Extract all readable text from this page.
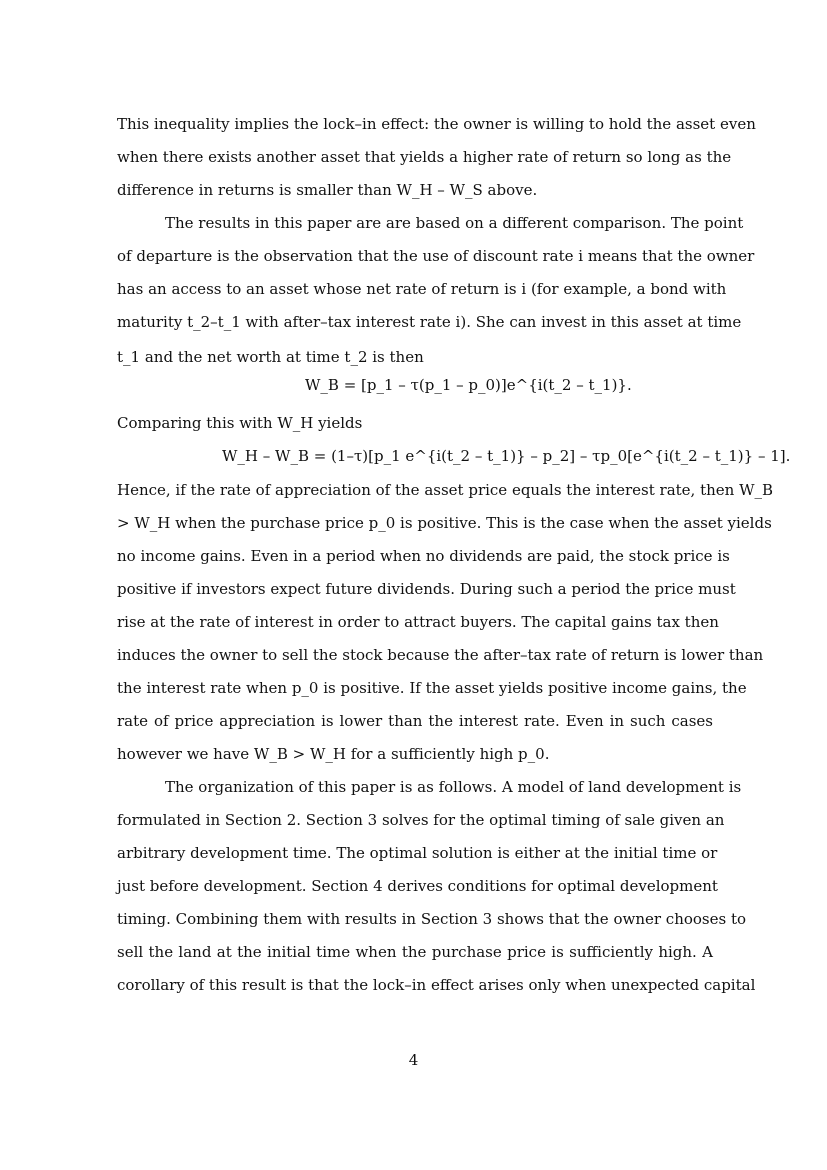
This inequality implies the lock–in effect: the owner is willing to hold the asset even
when there exists another asset that yields a higher rate of return so long as the
difference in returns is smaller than W_H – W_S above.
The results in this paper are are based on a different comparison. The point
of departure is the observation that the use of discount rate i means that the owner
has an access to an asset whose net rate of return is i (for example, a bond with
maturity t_2–t_1 with after–tax interest rate i). She can invest in this asset at time
t_1 and the net worth at time t_2 is then
W_B = [p_1 – τ(p_1 – p_0)]e^{i(t_2 – t_1)}.
Comparing this with W_H yields
W_H – W_B = (1–τ)[p_1 e^{i(t_2 – t_1)} – p_2] – τp_0[e^{i(t_2 – t_1)} – 1].
Hence, if the rate of appreciation of the asset price equals the interest rate, then W_B
> W_H when the purchase price p_0 is positive. This is the case when the asset yields
no income gains. Even in a period when no dividends are paid, the stock price is
positive if investors expect future dividends. During such a period the price must
rise at the rate of interest in order to attract buyers. The capital gains tax then
induces the owner to sell the stock because the after–tax rate of return is lower than
the interest rate when p_0 is positive. If the asset yields positive income gains, the
rate of price appreciation is lower than the interest rate. Even in such cases
however we have W_B > W_H for a sufficiently high p_0.
The organization of this paper is as follows. A model of land development is
formulated in Section 2. Section 3 solves for the optimal timing of sale given an
arbitrary development time. The optimal solution is either at the initial time or
just before development. Section 4 derives conditions for optimal development
timing. Combining them with results in Section 3 shows that the owner chooses to
sell the land at the initial time when the purchase price is sufficiently high. A
corollary of this result is that the lock–in effect arises only when unexpected capital
4
